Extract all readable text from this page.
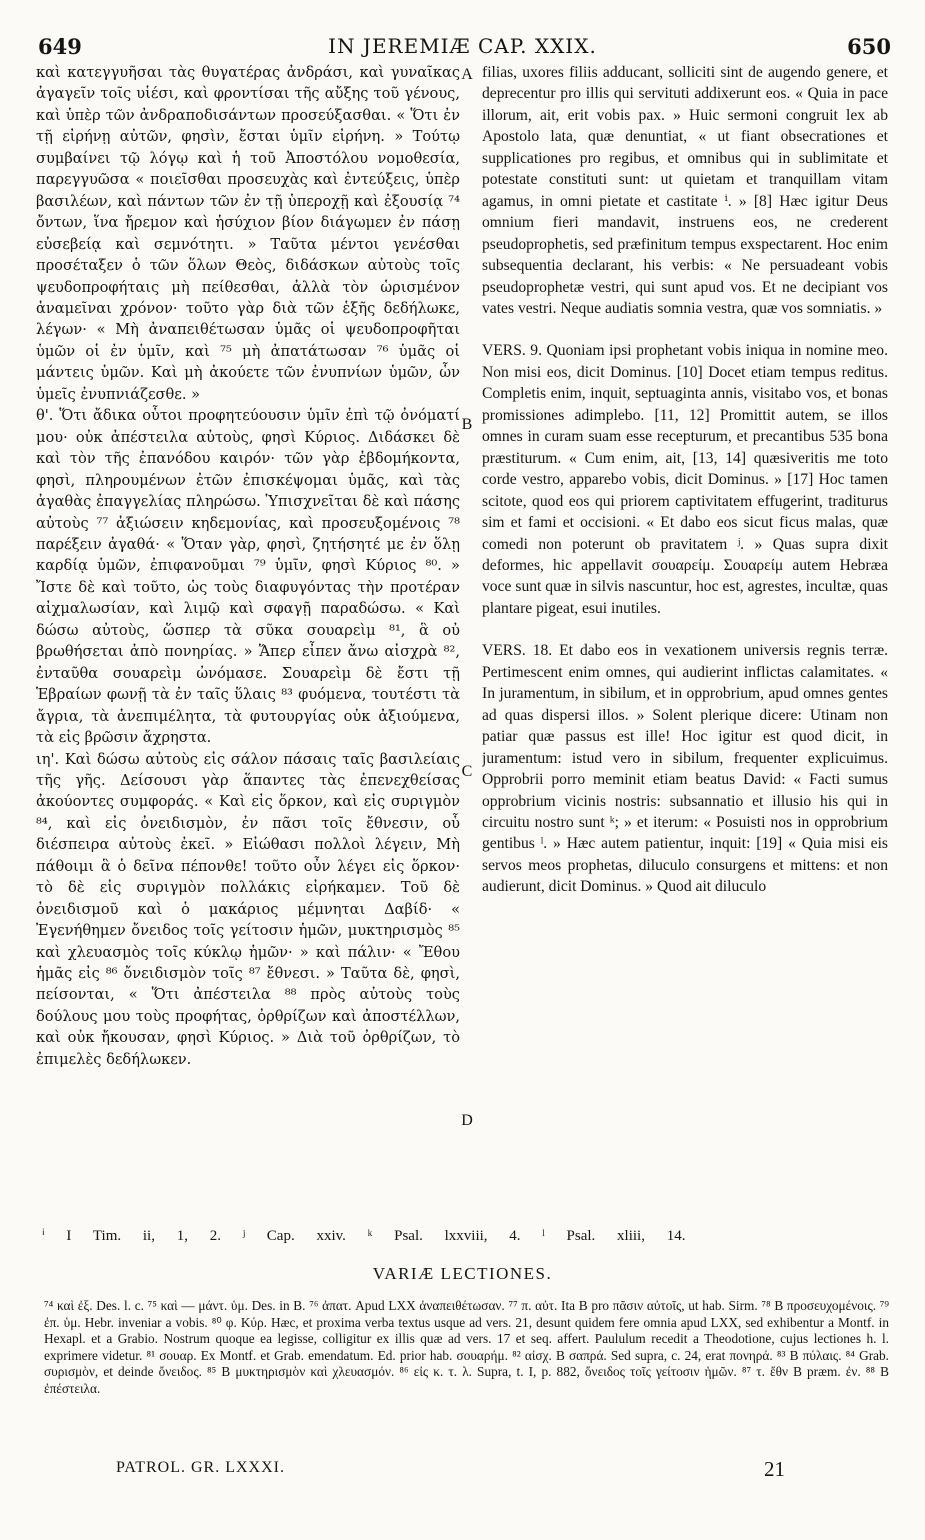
649	IN JEREMIÆ CAP. XXIX.	650

καὶ κατεγγυῆσαι τὰς θυγατέρας ἀνδράσι, καὶ γυναῖκας ἀγαγεῖν τοῖς υἱέσι, καὶ φροντίσαι τῆς αὔξης τοῦ γένους, καὶ ὑπὲρ τῶν ἀνδραποδισάντων προσεύξασθαι. « Ὅτι ἐν τῇ εἰρήνῃ αὐτῶν, φησὶν, ἔσται ὑμῖν εἰρήνη. » Τούτῳ συμβαίνει τῷ λόγῳ καὶ ἡ τοῦ Ἀποστόλου νομοθεσία, παρεγγυῶσα « ποιεῖσθαι προσευχὰς καὶ ἐντεύξεις, ὑπὲρ βασιλέων, καὶ πάντων τῶν ἐν τῇ ὑπεροχῇ καὶ ἐξουσίᾳ ⁷⁴ ὄντων, ἵνα ἤρεμον καὶ ἡσύχιον βίον διάγωμεν ἐν πάσῃ εὐσεβείᾳ καὶ σεμνότητι. » Ταῦτα μέντοι γενέσθαι προσέταξεν ὁ τῶν ὅλων Θεὸς, διδάσκων αὐτοὺς τοῖς ψευδοπροφήταις μὴ πείθεσθαι, ἀλλὰ τὸν ὡρισμένον ἀναμεῖναι χρόνον· τοῦτο γὰρ διὰ τῶν ἑξῆς δεδήλωκε, λέγων· « Μὴ ἀναπειθέτωσαν ὑμᾶς οἱ ψευδοπροφῆται ὑμῶν οἱ ἐν ὑμῖν, καὶ ⁷⁵ μὴ ἀπατάτωσαν ⁷⁶ ὑμᾶς οἱ μάντεις ὑμῶν. Καὶ μὴ ἀκούετε τῶν ἐνυπνίων ὑμῶν, ὧν ὑμεῖς ἐνυπνιάζεσθε. »

θ'. Ὅτι ἄδικα οὗτοι προφητεύουσιν ὑμῖν ἐπὶ τῷ ὀνόματί μου· οὐκ ἀπέστειλα αὐτοὺς, φησὶ Κύριος. Διδάσκει δὲ καὶ τὸν τῆς ἐπανόδου καιρόν· τῶν γὰρ ἑβδομήκοντα, φησὶ, πληρουμένων ἐτῶν ἐπισκέψομαι ὑμᾶς, καὶ τὰς ἀγαθὰς ἐπαγγελίας πληρώσω. Ὑπισχνεῖται δὲ καὶ πάσης αὐτοὺς ⁷⁷ ἀξιώσειν κηδεμονίας, καὶ προσευξομένοις ⁷⁸ παρέξειν ἀγαθά· « Ὅταν γὰρ, φησὶ, ζητήσητέ με ἐν ὅλῃ καρδίᾳ ὑμῶν, ἐπιφανοῦμαι ⁷⁹ ὑμῖν, φησὶ Κύριος ⁸⁰. » Ἴστε δὲ καὶ τοῦτο, ὡς τοὺς διαφυγόντας τὴν προτέραν αἰχμαλωσίαν, καὶ λιμῷ καὶ σφαγῇ παραδώσω. « Καὶ δώσω αὐτοὺς, ὥσπερ τὰ σῦκα σουαρεὶμ ⁸¹, ἃ οὐ βρωθήσεται ἀπὸ πονηρίας. » Ἅπερ εἶπεν ἄνω αἰσχρὰ ⁸², ἐνταῦθα σουαρεὶμ ὠνόμασε. Σουαρεὶμ δὲ ἔστι τῇ Ἑβραίων φωνῇ τὰ ἐν ταῖς ὕλαις ⁸³ φυόμενα, τουτέστι τὰ ἄγρια, τὰ ἀνεπιμέλητα, τὰ φυτουργίας οὐκ ἀξιούμενα, τὰ εἰς βρῶσιν ἄχρηστα.

ιη'. Καὶ δώσω αὐτοὺς εἰς σάλον πάσαις ταῖς βασιλείαις τῆς γῆς. Δείσουσι γὰρ ἅπαντες τὰς ἐπενεχθείσας ἀκούοντες συμφοράς. « Καὶ εἰς ὅρκον, καὶ εἰς συριγμὸν ⁸⁴, καὶ εἰς ὀνειδισμὸν, ἐν πᾶσι τοῖς ἔθνεσιν, οὗ διέσπειρα αὐτοὺς ἐκεῖ. » Εἰώθασι πολλοὶ λέγειν, Μὴ πάθοιμι ἃ ὁ δεῖνα πέπονθε! τοῦτο οὖν λέγει εἰς ὅρκον· τὸ δὲ εἰς συριγμὸν πολλάκις εἰρήκαμεν. Τοῦ δὲ ὀνειδισμοῦ καὶ ὁ μακάριος μέμνηται Δαβίδ· « Ἐγενήθημεν ὄνειδος τοῖς γείτοσιν ἡμῶν, μυκτηρισμὸς ⁸⁵ καὶ χλευασμὸς τοῖς κύκλῳ ἡμῶν· » καὶ πάλιν· « Ἔθου ἡμᾶς εἰς ⁸⁶ ὄνειδισμὸν τοῖς ⁸⁷ ἔθνεσι. » Ταῦτα δὲ, φησὶ, πείσονται, « Ὅτι ἀπέστειλα ⁸⁸ πρὸς αὐτοὺς τοὺς δούλους μου τοὺς προφήτας, ὀρθρίζων καὶ ἀποστέλλων, καὶ οὐκ ἤκουσαν, φησὶ Κύριος. » Διὰ τοῦ ὀρθρίζων, τὸ ἐπιμελὲς δεδήλωκεν.

A
B
C
D

filias, uxores filiis adducant, solliciti sint de augendo genere, et deprecentur pro illis qui servituti addixerunt eos. « Quia in pace illorum, ait, erit vobis pax. » Huic sermoni congruit lex ab Apostolo lata, quæ denuntiat, « ut fiant obsecrationes et supplicationes pro regibus, et omnibus qui in sublimitate et potestate constituti sunt: ut quietam et tranquillam vitam agamus, in omni pietate et castitate ⁱ. » [8] Hæc igitur Deus omnium fieri mandavit, instruens eos, ne crederent pseudoprophetis, sed præfinitum tempus exspectarent. Hoc enim subsequentia declarant, his verbis: « Ne persuadeant vobis pseudoprophetæ vestri, qui sunt apud vos. Et ne decipiant vos vates vestri. Neque audiatis somnia vestra, quæ vos somniatis. »

VERS. 9. Quoniam ipsi prophetant vobis iniqua in nomine meo. Non misi eos, dicit Dominus. [10] Docet etiam tempus reditus. Completis enim, inquit, septuaginta annis, visitabo vos, et bonas promissiones adimplebo. [11, 12] Promittit autem, se illos omnes in curam suam esse recepturum, et precantibus 535 bona præstiturum. « Cum enim, ait, [13, 14] quæsiveritis me toto corde vestro, apparebo vobis, dicit Dominus. » [17] Hoc tamen scitote, quod eos qui priorem captivitatem effugerint, traditurus sim et fami et occisioni. « Et dabo eos sicut ficus malas, quæ comedi non poterunt ob pravitatem ʲ. » Quas supra dixit deformes, hic appellavit σουαρείμ. Σουαρείμ autem Hebræa voce sunt quæ in silvis nascuntur, hoc est, agrestes, incultæ, quas plantare pigeat, esui inutiles.

VERS. 18. Et dabo eos in vexationem universis regnis terræ. Pertimescent enim omnes, qui audierint inflictas calamitates. « In juramentum, in sibilum, et in opprobrium, apud omnes gentes ad quas dispersi illos. » Solent plerique dicere: Utinam non patiar quæ passus est ille! Hoc igitur est quod dicit, in juramentum: istud vero in sibilum, frequenter explicuimus. Opprobrii porro meminit etiam beatus David: « Facti sumus opprobrium vicinis nostris: subsannatio et illusio his qui in circuitu nostro sunt ᵏ; » et iterum: « Posuisti nos in opprobrium gentibus ˡ. » Hæc autem patientur, inquit: [19] « Quia misi eis servos meos prophetas, diluculo consurgens et mittens: et non audierunt, dicit Dominus. » Quod ait diluculo

ⁱ I Tim. ii, 1, 2. ʲ Cap. xxiv. ᵏ Psal. lxxviii, 4. ˡ Psal. xliii, 14.
VARIÆ LECTIONES.

⁷⁴ καὶ ἐξ. Des. l. c. ⁷⁵ καὶ — μάντ. ὑμ. Des. in B. ⁷⁶ ἀπατ. Apud LXX ἀναπειθέτωσαν. ⁷⁷ π. αὐτ. Ita B pro πᾶσιν αὐτοῖς, ut hab. Sirm. ⁷⁸ B προσευχομένοις. ⁷⁹ ἐπ. ὑμ. Hebr. inveniar a vobis. ⁸⁰ φ. Κύρ. Hæc, et proxima verba textus usque ad vers. 21, desunt quidem fere omnia apud LXX, sed exhibentur a Montf. in Hexapl. et a Grabio. Nostrum quoque ea legisse, colligitur ex illis quæ ad vers. 17 et seq. affert. Paululum recedit a Theodotione, cujus lectiones h. l. exprimere videtur. ⁸¹ σουαρ. Ex Montf. et Grab. emendatum. Ed. prior hab. σουαρήμ. ⁸² αἰσχ. B σαπρά. Sed supra, c. 24, erat πονηρά. ⁸³ B πύλαις. ⁸⁴ Grab. συρισμὸν, et deinde ὄνειδος. ⁸⁵ B μυκτηρισμὸν καὶ χλευασμόν. ⁸⁶ εἰς κ. τ. λ. Supra, t. I, p. 882, ὄνειδος τοῖς γείτοσιν ἡμῶν. ⁸⁷ τ. ἔθν B præm. ἐν. ⁸⁸ B ἐπέστειλα.

PATROL. GR. LXXXI.	21
